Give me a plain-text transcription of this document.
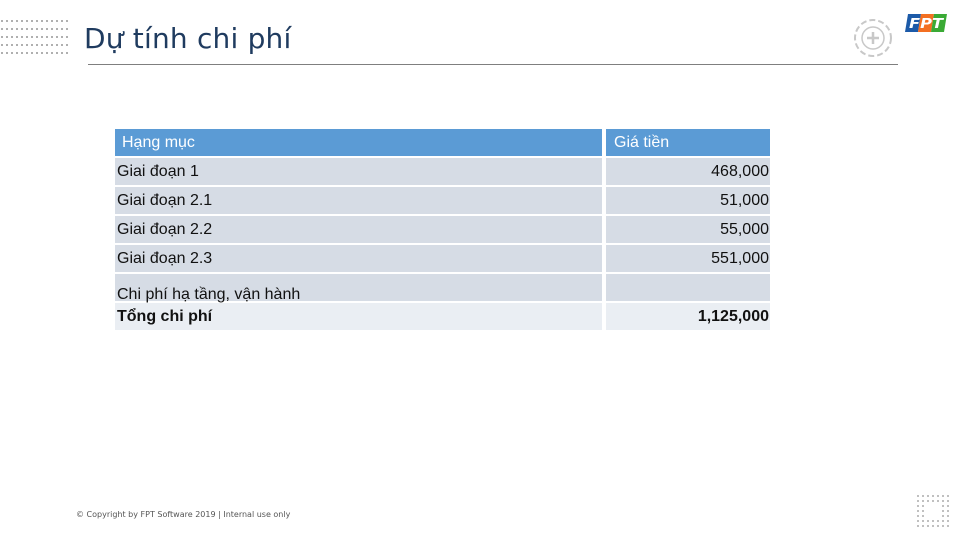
Dự tính chi phí	FPT
Hạng mục		Giá tiền
Giai đoạn 1		468,000
Giai đoạn 2.1		51,000
Giai đoạn 2.2		55,000
Giai đoạn 2.3		551,000
Chi phí hạ tầng, vận hành		
Tổng chi phí		1,125,000
© Copyright by FPT Software 2019 | Internal use only
